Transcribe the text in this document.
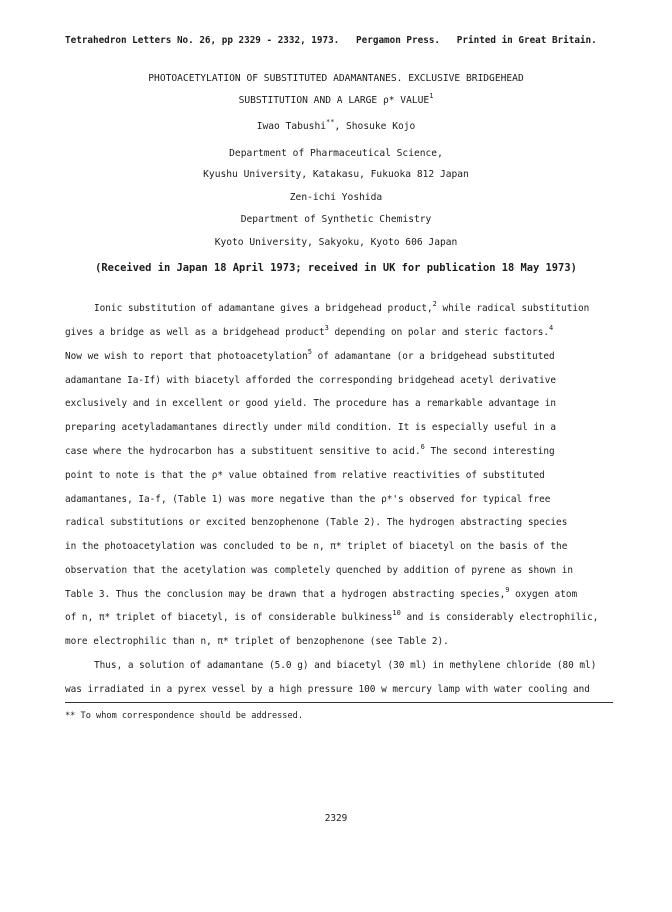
Tetrahedron Letters No. 26, pp 2329 - 2332, 1973.   Pergamon Press.   Printed in Great Britain.
PHOTOACETYLATION OF SUBSTITUTED ADAMANTANES. EXCLUSIVE BRIDGEHEAD
SUBSTITUTION AND A LARGE ρ* VALUE$^1$
Iwao Tabushi**, Shosuke Kojo
Department of Pharmaceutical Science,
Kyushu University, Katakasu, Fukuoka 812 Japan
Zen-ichi Yoshida
Department of Synthetic Chemistry
Kyoto University, Sakyoku, Kyoto 606 Japan
(Received in Japan 18 April 1973; received in UK for publication 18 May 1973)
Ionic substitution of adamantane gives a bridgehead product,$^2$ while radical substitution
gives a bridge as well as a bridgehead product$^3$ depending on polar and steric factors.$^4$
Now we wish to report that photoacetylation$^5$ of adamantane (or a bridgehead substituted
adamantane Ia-If) with biacetyl afforded the corresponding bridgehead acetyl derivative
exclusively and in excellent or good yield. The procedure has a remarkable advantage in
preparing acetyladamantanes directly under mild condition. It is especially useful in a
case where the hydrocarbon has a substituent sensitive to acid.$^6$ The second interesting
point to note is that the ρ* value obtained from relative reactivities of substituted
adamantanes, Ia-f, (Table 1) was more negative than the ρ*'s observed for typical free
radical substitutions or excited benzophenone (Table 2). The hydrogen abstracting species
in the photoacetylation was concluded to be n, π* triplet of biacetyl on the basis of the
observation that the acetylation was completely quenched by addition of pyrene as shown in
Table 3. Thus the conclusion may be drawn that a hydrogen abstracting species,$^9$ oxygen atom
of n, π* triplet of biacetyl, is of considerable bulkiness$^{10}$ and is considerably electrophilic,
more electrophilic than n, π* triplet of benzophenone (see Table 2).
Thus, a solution of adamantane (5.0 g) and biacetyl (30 ml) in methylene chloride (80 ml)
was irradiated in a pyrex vessel by a high pressure 100 w mercury lamp with water cooling and
** To whom correspondence should be addressed.
2329
